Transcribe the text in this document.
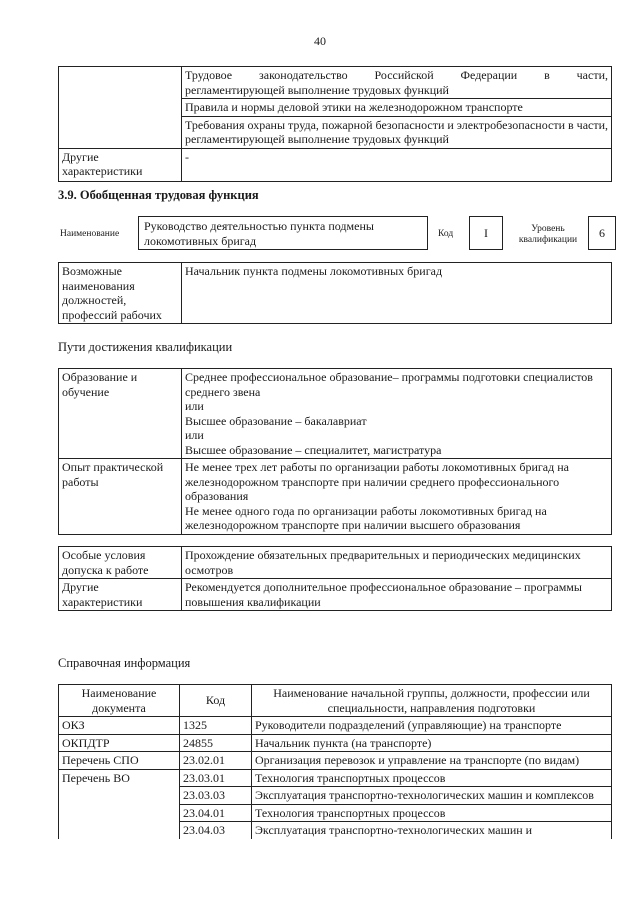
40

	Трудовое законодательство Российской Федерации в части,
регламентирующей выполнение трудовых функций

	Правила и нормы деловой этики на железнодорожном транспорте
	Требования охраны труда, пожарной безопасности и электробезопасности в части, регламентирующей выполнение трудовых функций
Другие характеристики	-
3.9. Обобщенная трудовая функция
Наименование
Руководство деятельностью пункта подмены локомотивных бригад	Код	I	Уровень квалификации	6
Возможные наименования должностей, профессий рабочих	Начальник пункта подмены локомотивных бригад
Пути достижения квалификации
Образование и обучение	Среднее профессиональное образование– программы подготовки специалистов среднего звена
или
Высшее образование – бакалавриат
или
Высшее образование – специалитет, магистратура

Опыт практической работы	Не менее трех лет работы по организации работы локомотивных бригад на железнодорожном транспорте при наличии среднего профессионального образования
Не менее одного года по организации работы локомотивных бригад на железнодорожном транспорте при наличии высшего образования
Особые условия допуска к работе	Прохождение обязательных предварительных и периодических медицинских осмотров
Другие характеристики	Рекомендуется дополнительное профессиональное образование – программы повышения квалификации
Справочная информация
Наименование документа	Код	Наименование начальной группы, должности, профессии или специальности, направления подготовки
ОКЗ	1325	Руководители подразделений (управляющие) на транспорте
ОКПДТР	24855	Начальник пункта (на транспорте)
Перечень СПО	23.02.01	Организация перевозок и управление на транспорте (по видам)
Перечень ВО	23.03.01	Технология транспортных процессов
	23.03.03	Эксплуатация транспортно-технологических машин и комплексов
	23.04.01	Технология транспортных процессов
	23.04.03	Эксплуатация транспортно-технологических машин и
